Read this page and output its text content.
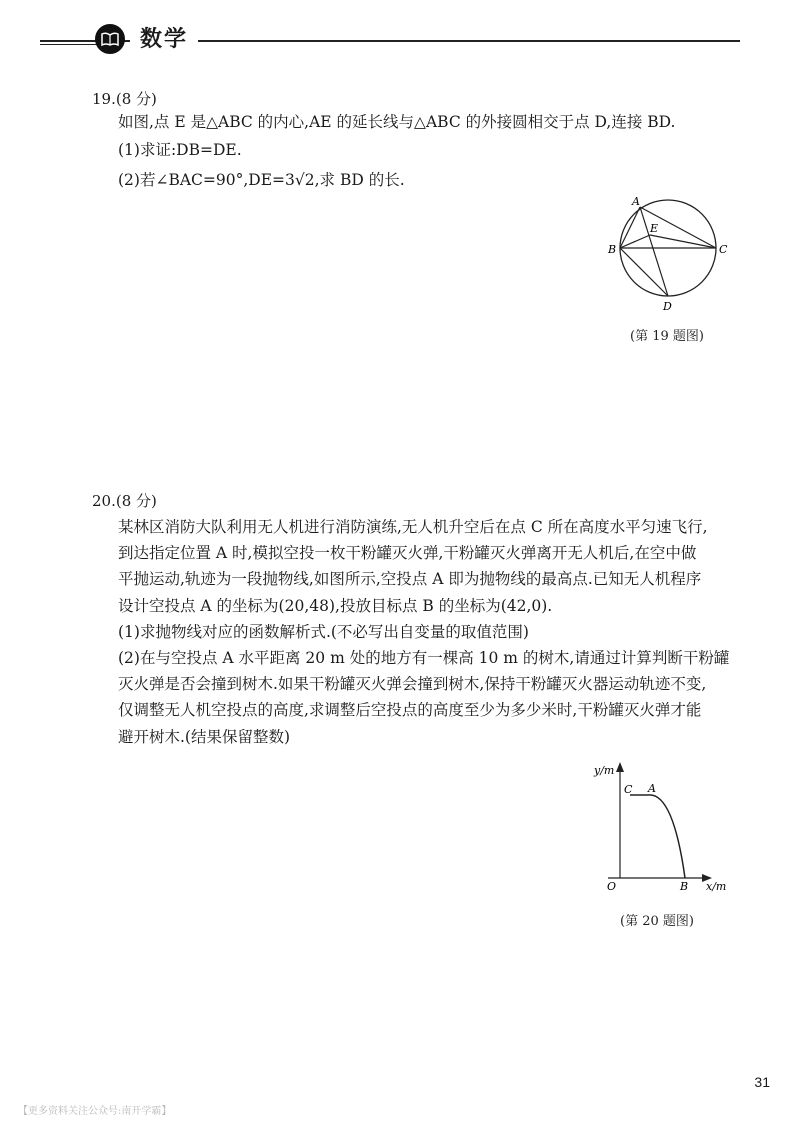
数学
19.(8 分)
如图,点 E 是△ABC 的内心,AE 的延长线与△ABC 的外接圆相交于点 D,连接 BD.
(1)求证:DB=DE.
(2)若∠BAC=90°,DE=3√2,求 BD 的长.
A
B	C
D
E
(第 19 题图)
20.(8 分)
某林区消防大队利用无人机进行消防演练,无人机升空后在点 C 所在高度水平匀速飞行,
到达指定位置 A 时,模拟空投一枚干粉罐灭火弹,干粉罐灭火弹离开无人机后,在空中做
平抛运动,轨迹为一段抛物线,如图所示,空投点 A 即为抛物线的最高点.已知无人机程序
设计空投点 A 的坐标为(20,48),投放目标点 B 的坐标为(42,0).
(1)求抛物线对应的函数解析式.(不必写出自变量的取值范围)
(2)在与空投点 A 水平距离 20 m 处的地方有一棵高 10 m 的树木,请通过计算判断干粉罐
灭火弹是否会撞到树木.如果干粉罐灭火弹会撞到树木,保持干粉罐灭火器运动轨迹不变,
仅调整无人机空投点的高度,求调整后空投点的高度至少为多少米时,干粉罐灭火弹才能
避开树木.(结果保留整数)
y/m
x/m
O
C A
B
(第 20 题图)
31
【更多资料关注公众号:南开学霸】
